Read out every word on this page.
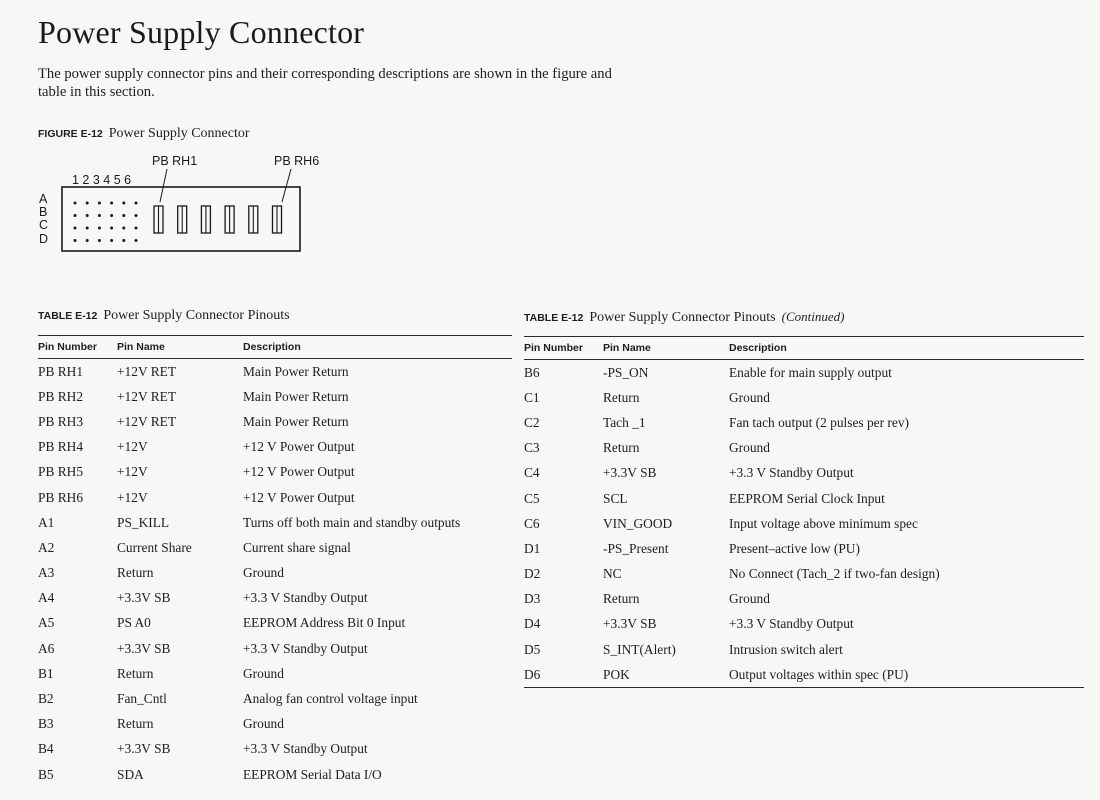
Power Supply Connector
The power supply connector pins and their corresponding descriptions are shown in the figure and table in this section.
FIGURE E-12 Power Supply Connector
1 2 3 4 5 6
PB RH1	PB RH6
A
B
C
D
TABLE E-12 Power Supply Connector Pinouts
Pin Number	Pin Name	Description
PB RH1	+12V RET	Main Power Return
PB RH2	+12V RET	Main Power Return
PB RH3	+12V RET	Main Power Return
PB RH4	+12V	+12 V Power Output
PB RH5	+12V	+12 V Power Output
PB RH6	+12V	+12 V Power Output
A1	PS_KILL	Turns off both main and standby outputs
A2	Current Share	Current share signal
A3	Return	Ground
A4	+3.3V SB	+3.3 V Standby Output
A5	PS A0	EEPROM Address Bit 0 Input
A6	+3.3V SB	+3.3 V Standby Output
B1	Return	Ground
B2	Fan_Cntl	Analog fan control voltage input
B3	Return	Ground
B4	+3.3V SB	+3.3 V Standby Output
B5	SDA	EEPROM Serial Data I/O
TABLE E-12 Power Supply Connector Pinouts (Continued)
Pin Number	Pin Name	Description
B6	-PS_ON	Enable for main supply output
C1	Return	Ground
C2	Tach _1	Fan tach output (2 pulses per rev)
C3	Return	Ground
C4	+3.3V SB	+3.3 V Standby Output
C5	SCL	EEPROM Serial Clock Input
C6	VIN_GOOD	Input voltage above minimum spec
D1	-PS_Present	Present–active low (PU)
D2	NC	No Connect (Tach_2 if two-fan design)
D3	Return	Ground
D4	+3.3V SB	+3.3 V Standby Output
D5	S_INT(Alert)	Intrusion switch alert
D6	POK	Output voltages within spec (PU)
